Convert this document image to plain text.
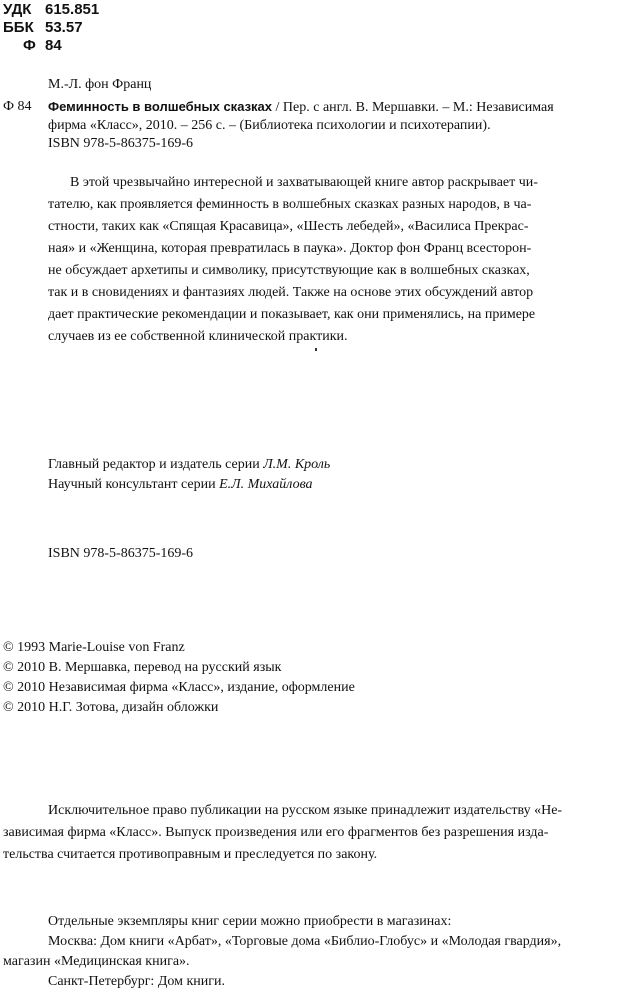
УДК 615.851
ББК 53.57
Ф 84
М.-Л. фон Франц
Ф 84 Феминность в волшебных сказках / Пер. с англ. В. Мершавки. – М.: Независимая
фирма «Класс», 2010. – 256 с. – (Библиотека психологии и психотерапии).
ISBN 978-5-86375-169-6
В этой чрезвычайно интересной и захватывающей книге автор раскрывает чи-
тателю, как проявляется феминность в волшебных сказках разных народов, в ча-
стности, таких как «Спящая Красавица», «Шесть лебедей», «Василиса Прекрас-
ная» и «Женщина, которая превратилась в паука». Доктор фон Франц всесторон-
не обсуждает архетипы и символику, присутствующие как в волшебных сказках,
так и в сновидениях и фантазиях людей. Также на основе этих обсуждений автор
дает практические рекомендации и показывает, как они применялись, на примере
случаев из ее собственной клинической практики.
Главный редактор и издатель серии Л.М. Кроль
Научный консультант серии Е.Л. Михайлова
ISBN 978-5-86375-169-6
© 1993 Marie-Louise von Franz
© 2010 В. Мершавка, перевод на русский язык
© 2010 Независимая фирма «Класс», издание, оформление
© 2010 Н.Г. Зотова, дизайн обложки
Исключительное право публикации на русском языке принадлежит издательству «Не-
зависимая фирма «Класс». Выпуск произведения или его фрагментов без разрешения изда-
тельства считается противоправным и преследуется по закону.
Отдельные экземпляры книг серии можно приобрести в магазинах:
Москва: Дом книги «Арбат», «Торговые дома «Библио-Глобус» и «Молодая гвардия»,
магазин «Медицинская книга».
Санкт-Петербург: Дом книги.
